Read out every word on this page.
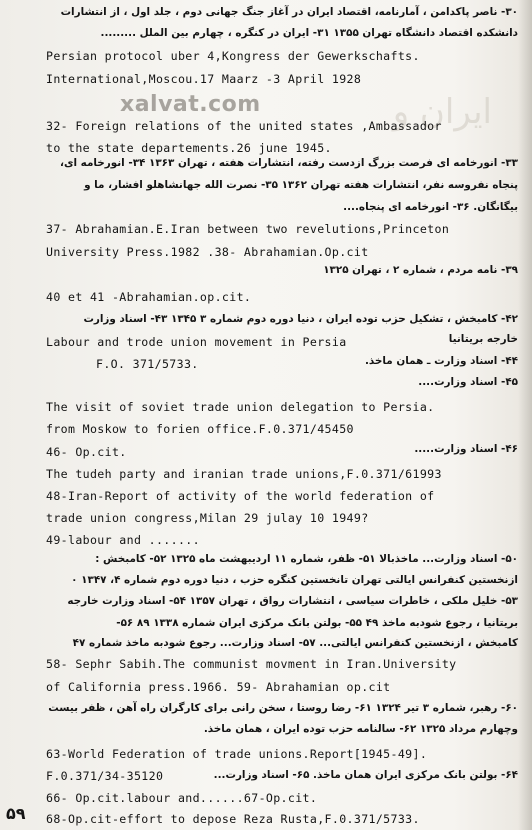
ایران و
xalvat.com
۳۰- ناصر پاکدامن ، آمارنامه، اقتصاد ایران در آغاز جنگ جهانی دوم ، جلد اول ، از انتشارات
دانشکده اقتصاد دانشگاه تهران ۱۳۵۵ ۳۱- ایران در کنگره ، چهارم بین الملل .........
Persian protocol uber 4,Kongress der Gewerkschafts.
International,Moscou.17 Maarz -3 April 1928
32- Foreign relations of the united states ,Ambassador
to the state departements.26 june 1945.
۳۳- انورخامه ای فرصت بزرگ ازدست رفته، انتشارات هفته ، تهران ۱۳۶۳ ۳۴- انورخامه ای،
پنجاه نفروسه نفر، انتشارات هفته تهران ۱۳۶۲ ۳۵- نصرت الله جهانشاهلو افشار، ما و
بیگانگان. ۳۶- انورخامه ای پنجاه....
37- Abrahamian.E.Iran between two revelutions,Princeton
University Press.1982 .38- Abrahamian.Op.cit
۳۹- نامه مردم ، شماره ۲ ، تهران ۱۳۲۵
40 et 41 -Abrahamian.op.cit.
۴۲- کامبخش ، تشکیل حزب توده ایران ، دنیا دوره دوم شماره ۳ ۱۳۴۵ ۴۳- اسناد وزارت
خارجه بریتانیا
Labour and trode union movement in Persia
F.O. 371/5733.	۴۴- اسناد وزارت ـ همان ماخذ.
۴۵- اسناد وزارت....
The visit of soviet trade union delegation to Persia.
from Moskow to forien office.F.0.371/45450
۴۶- اسناد وزارت.....
46- Op.cit.
The tudeh party and iranian trade unions,F.0.371/61993
48-Iran-Report of activity of the world federation of
trade union congress,Milan 29 julay 10 1949?
49-labour and .......
۵۰- اسناد وزارت... ماخذبالا ۵۱- ظفر، شماره ۱۱ اردیبهشت ماه ۱۳۲۵ ۵۲- کامبخش :
ازنخستین کنفرانس ایالتی تهران تانخستین کنگره حزب ، دنیا دوره دوم شماره ۴، ۱۳۴۷ ۰
۵۳- خلیل ملکی ، خاطرات سیاسی ، انتشارات رواق ، تهران ۱۳۵۷ ۵۴- اسناد وزارت خارجه
بریتانیا ، رجوع شودبه ماخذ ۴۹ ۵۵- بولتن بانک مرکزی ایران شماره ۱۳۳۸ ۸۹ ۵۶-
کامبخش ، ازنخستین کنفرانس ایالتی... ۵۷- اسناد وزارت... رجوع شودبه ماخذ شماره ۴۷
58- Sephr Sabih.The communist movment in Iran.University
of California press.1966. 59- Abrahamian op.cit
۶۰- رهبر، شماره ۳ تیر ۱۳۲۴ ۶۱- رضا روستا ، سخن رانی برای کارگران راه آهن ، ظفر بیست
وچهارم مرداد ۱۳۲۵ ۶۲- سالنامه حزب توده ایران ، همان ماخذ.
63-World Federation of trade unions.Report[1945-49].
F.0.371/34-35120	۶۴- بولتن بانک مرکزی ایران همان ماخذ. ۶۵- اسناد وزارت...
66- Op.cit.labour and......67-Op.cit.
68-Op.cit-effort to depose Reza Rusta,F.0.371/5733.
۵۹
